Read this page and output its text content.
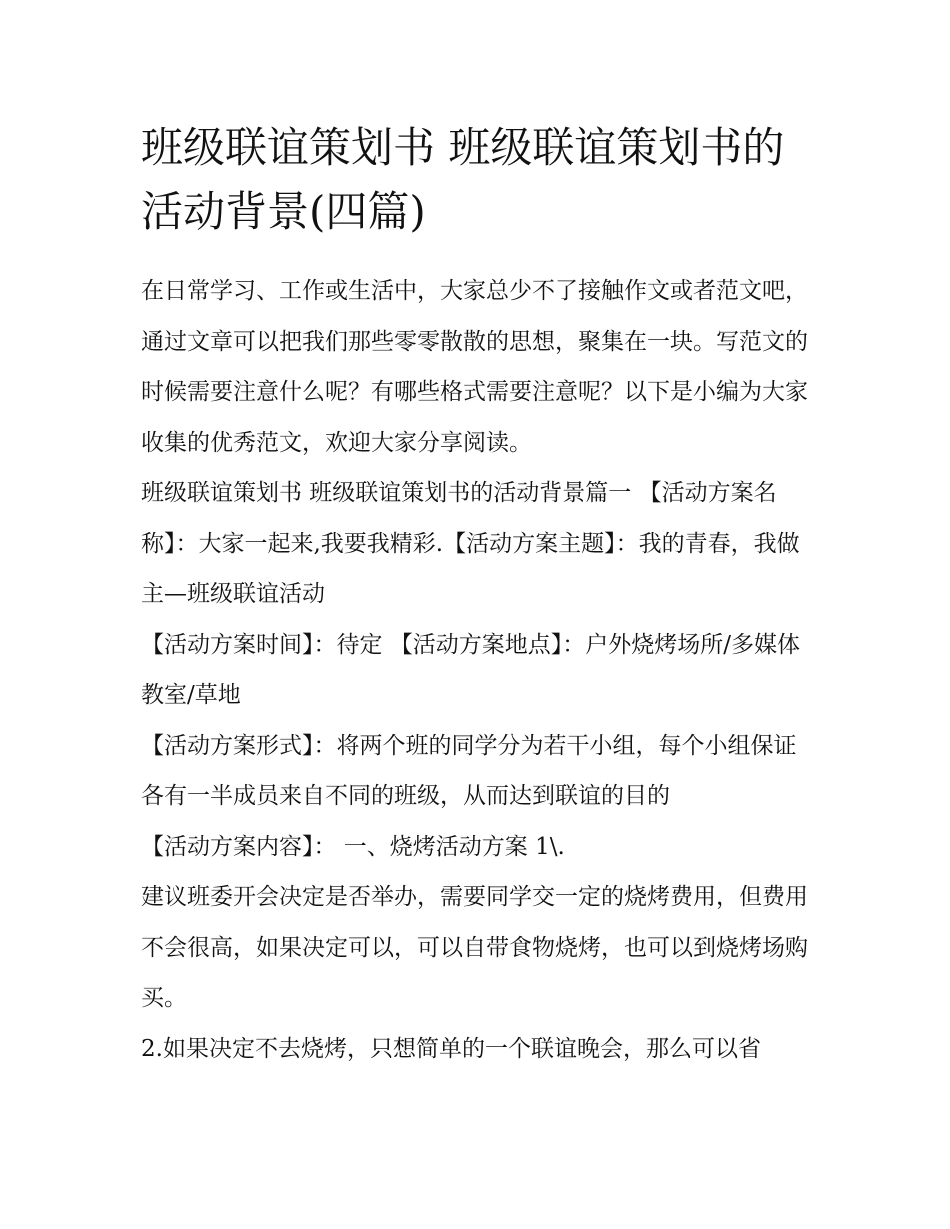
班级联谊策划书 班级联谊策划书的活动背景(四篇)

在日常学习、工作或生活中，大家总少不了接触作文或者范文吧，通过文章可以把我们那些零零散散的思想，聚集在一块。写范文的时候需要注意什么呢？有哪些格式需要注意呢？以下是小编为大家收集的优秀范文，欢迎大家分享阅读。

班级联谊策划书 班级联谊策划书的活动背景篇一 【活动方案名称】：大家一起来,我要我精彩.【活动方案主题】：我的青春，我做主—班级联谊活动

【活动方案时间】：待定 【活动方案地点】：户外烧烤场所/多媒体教室/草地

【活动方案形式】：将两个班的同学分为若干小组，每个小组保证各有一半成员来自不同的班级，从而达到联谊的目的

【活动方案内容】： 一、烧烤活动方案 1\.

建议班委开会决定是否举办，需要同学交一定的烧烤费用，但费用不会很高，如果决定可以，可以自带食物烧烤，也可以到烧烤场购买。

2.如果决定不去烧烤，只想简单的一个联谊晚会，那么可以省
